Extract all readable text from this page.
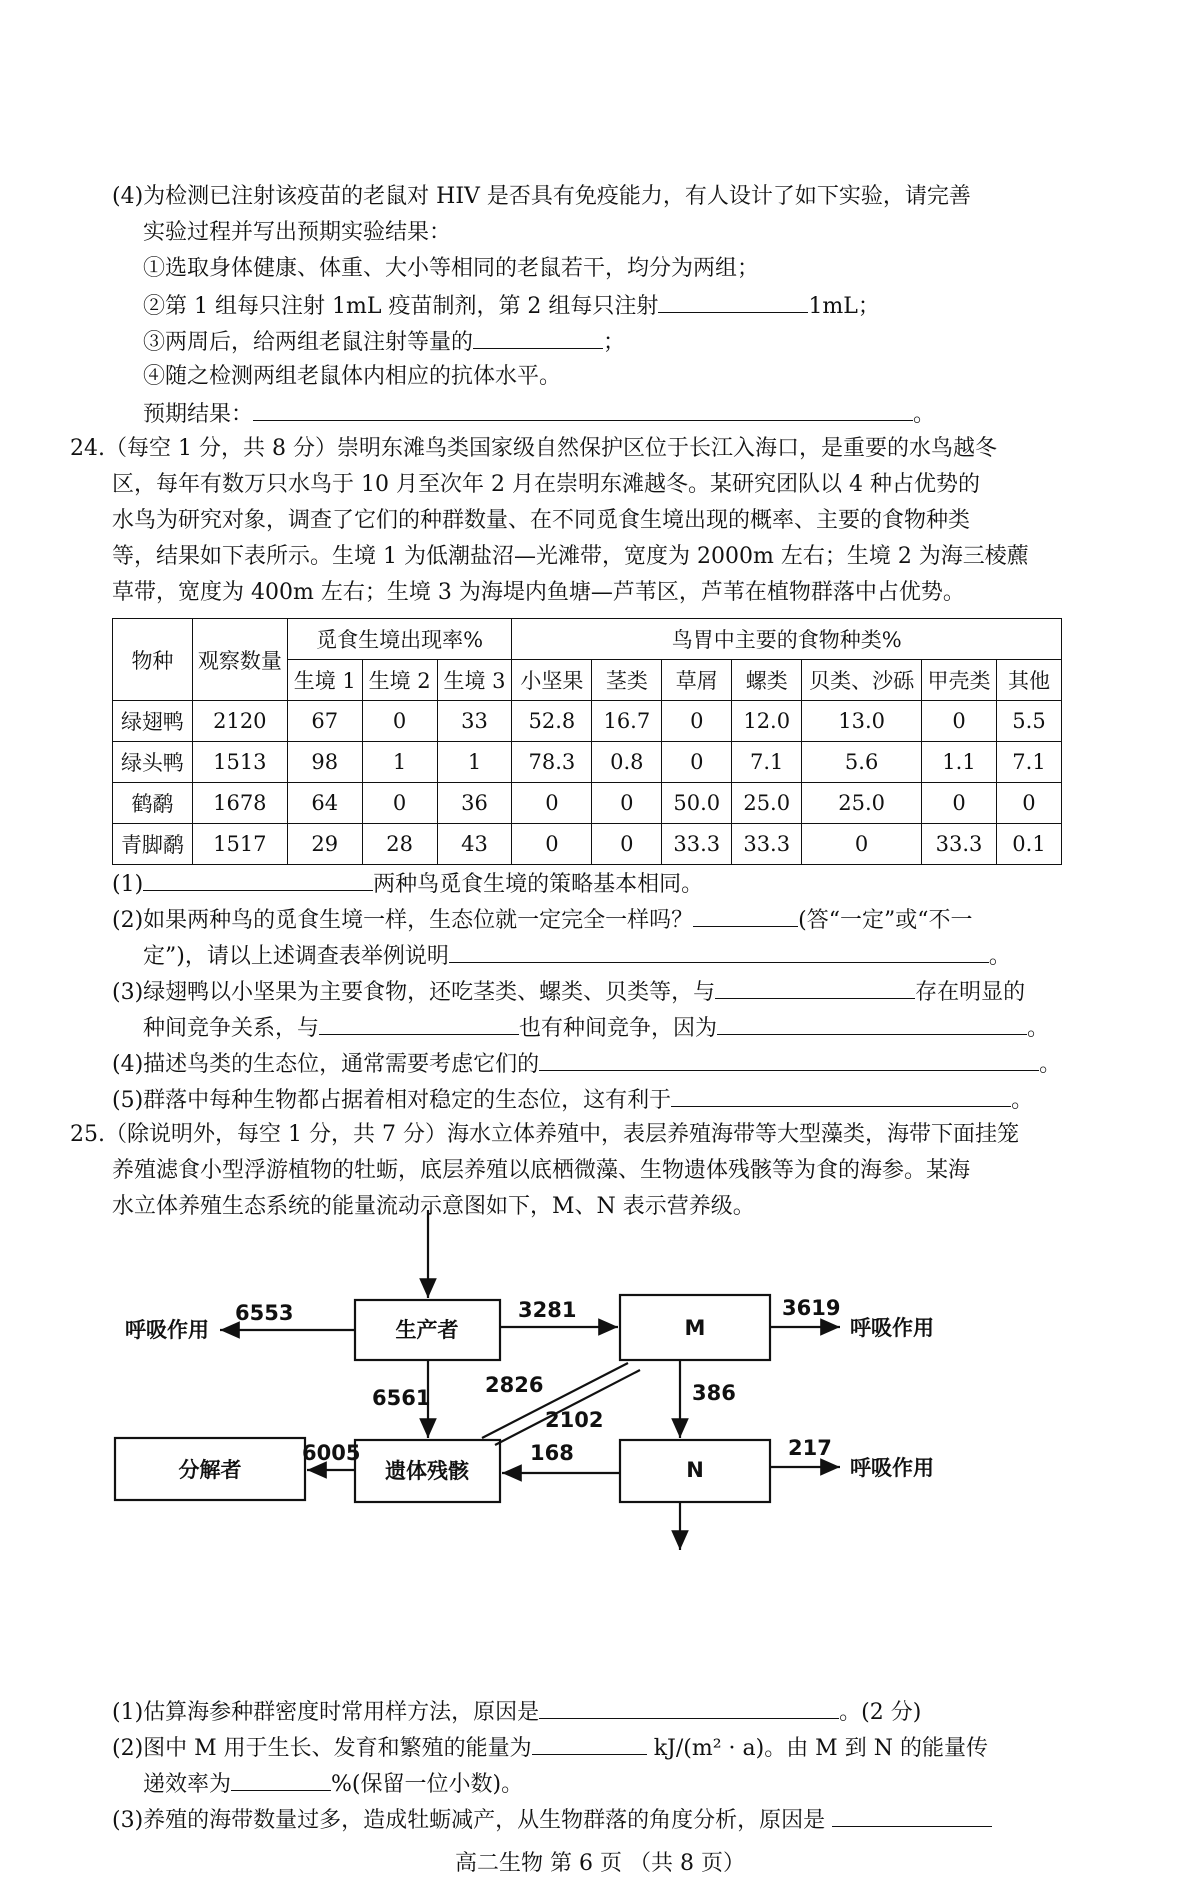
(4)为检测已注射该疫苗的老鼠对 HIV 是否具有免疫能力，有人设计了如下实验，请完善
实验过程并写出预期实验结果：
①选取身体健康、体重、大小等相同的老鼠若干，均分为两组；
②第 1 组每只注射 1mL 疫苗制剂，第 2 组每只注射	1mL；
③两周后，给两组老鼠注射等量的	；
④随之检测两组老鼠体内相应的抗体水平。
预期结果：	。
24.（每空 1 分，共 8 分）崇明东滩鸟类国家级自然保护区位于长江入海口，是重要的水鸟越冬
区，每年有数万只水鸟于 10 月至次年 2 月在崇明东滩越冬。某研究团队以 4 种占优势的
水鸟为研究对象，调查了它们的种群数量、在不同觅食生境出现的概率、主要的食物种类
等，结果如下表所示。生境 1 为低潮盐沼—光滩带，宽度为 2000m 左右；生境 2 为海三棱藨
草带，宽度为 400m 左右；生境 3 为海堤内鱼塘—芦苇区，芦苇在植物群落中占优势。
物种	观察数量	觅食生境出现率%			鸟胃中主要的食物种类%						
		生境 1	生境 2	生境 3	小坚果	茎类	草屑	螺类	贝类、沙砾	甲壳类	其他
绿翅鸭	2120	67	0	33	52.8	16.7	0	12.0	13.0	0	5.5
绿头鸭	1513	98	1	1	78.3	0.8	0	7.1	5.6	1.1	7.1
鹤鹬	1678	64	0	36	0	0	50.0	25.0	25.0	0	0
青脚鹬	1517	29	28	43	0	0	33.3	33.3	0	33.3	0.1
(1)	两种鸟觅食生境的策略基本相同。
(2)如果两种鸟的觅食生境一样，生态位就一定完全一样吗？	(答“一定”或“不一
定”)，请以上述调查表举例说明	。
(3)绿翅鸭以小坚果为主要食物，还吃茎类、螺类、贝类等，与	存在明显的
种间竞争关系，与	也有种间竞争，因为	。
(4)描述鸟类的生态位，通常需要考虑它们的	。
(5)群落中每种生物都占据着相对稳定的生态位，这有利于	。
25.（除说明外，每空 1 分，共 7 分）海水立体养殖中，表层养殖海带等大型藻类，海带下面挂笼
养殖滤食小型浮游植物的牡蛎，底层养殖以底栖微藻、生物遗体残骸等为食的海参。某海
水立体养殖生态系统的能量流动示意图如下，M、N 表示营养级。
生产者	M
遗体残骸	N
分解者
呼吸作用	呼吸作用
呼吸作用
6553	3281	3619
6561
2826
2102
386
217
6005	168
(1)估算海参种群密度时常用样方法，原因是	。(2 分)
(2)图中 M 用于生长、发育和繁殖的能量为	kJ/(m² · a)。由 M 到 N 的能量传
递效率为	%(保留一位小数)。
(3)养殖的海带数量过多，造成牡蛎减产，从生物群落的角度分析，原因是
高二生物 第 6 页 （共 8 页）
